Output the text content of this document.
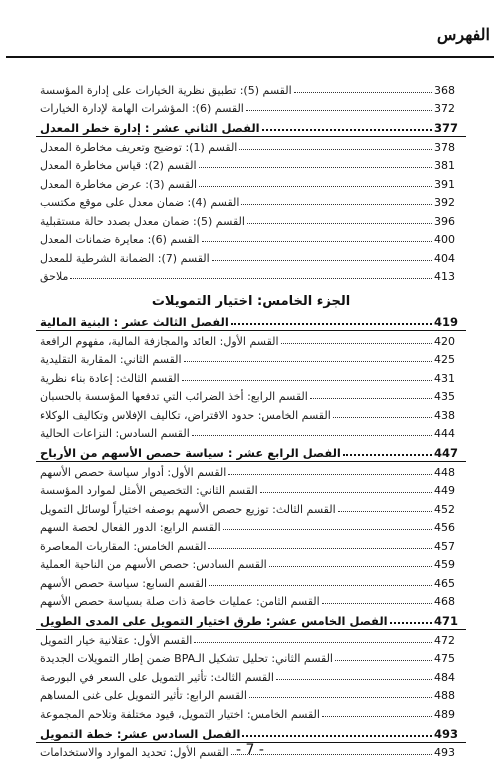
الفهرس
القسم (5): تطبيق نظرية الخيارات على إدارة المؤسسة	368
القسم (6): المؤشرات الهامة لإدارة الخيارات	372
الفصل الثاني عشر : إدارة خطر المعدل	377
القسم (1): توضيح وتعريف مخاطرة المعدل	378
القسم (2): قياس مخاطرة المعدل	381
القسم (3): عرض مخاطرة المعدل	391
القسم (4): ضمان معدل على موقع مكتسب	392
القسم (5): ضمان معدل بصدد حالة مستقبلية	396
القسم (6): معايرة ضمانات المعدل	400
القسم (7): الضمانة الشرطية للمعدل	404
ملاحق	413
الجزء الخامس: اختيار التمويلات
الفصل الثالث عشر : البنية المالية	419
القسم الأول: العائد والمجازفة المالية، مفهوم الرافعة	420
القسم الثاني: المقاربة التقليدية	425
القسم الثالث: إعادة بناء نظرية	431
القسم الرابع: أخذ الضرائب التي تدفعها المؤسسة بالحسبان	435
القسم الخامس: حدود الاقتراض، تكاليف الإفلاس وتكاليف الوكلاء	438
القسم السادس: النزاعات الحالية	444
الفصل الرابع عشر : سياسة حصص الأسهم من الأرباح	447
القسم الأول: أدوار سياسة حصص الأسهم	448
القسم الثاني: التخصيص الأمثل لموارد المؤسسة	449
القسم الثالث: توزيع حصص الأسهم بوصفه اختياراً لوسائل التمويل	452
القسم الرابع: الدور الفعال لحصة السهم	456
القسم الخامس: المقاربات المعاصرة	457
القسم السادس: حصص الأسهم من الناحية العملية	459
القسم السابع: سياسة حصص الأسهم	465
القسم الثامن: عمليات خاصة ذات صلة بسياسة حصص الأسهم	468
الفصل الخامس عشر: طرق اختيار التمويل على المدى الطويل	471
القسم الأول: عقلانية خيار التمويل	472
القسم الثاني: تحليل تشكيل الـBPA ضمن إطار التمويلات الجديدة	475
القسم الثالث: تأثير التمويل على السعر في البورصة	484
القسم الرابع: تأثير التمويل على غنى المساهم	488
القسم الخامس: اختيار التمويل، قيود مختلفة وتلاحم المجموعة	489
الفصل السادس عشر: خطة التمويل	493
القسم الأول: تحديد الموارد والاستخدامات	493
- 7 -
